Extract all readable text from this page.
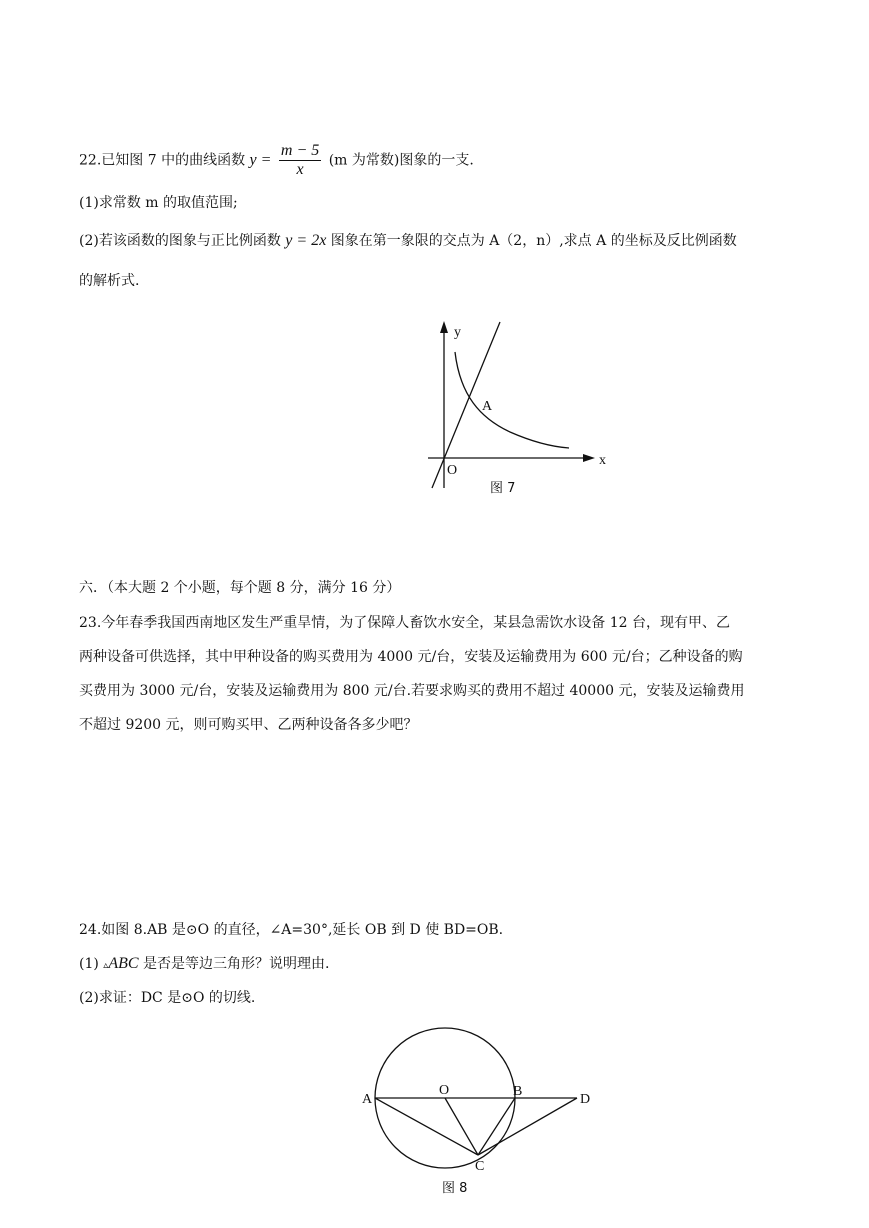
22.已知图 7 中的曲线函数 $y = \frac{m - 5}{x} (m$ 为常数)图象的一支.
(1)求常数 m 的取值范围;
(2)若该函数的图象与正比例函数 y = 2x 图象在第一象限的交点为 A（2，n）,求点 A 的坐标及反比例函数
的解析式.
y
x
O
A
图 7
六．（本大题 2 个小题，每个题 8 分，满分 16 分）
23.今年春季我国西南地区发生严重旱情，为了保障人畜饮水安全，某县急需饮水设备 12 台，现有甲、乙
两种设备可供选择，其中甲种设备的购买费用为 4000 元/台，安装及运输费用为 600 元/台；乙种设备的购
买费用为 3000 元/台，安装及运输费用为 800 元/台.若要求购买的费用不超过 40000 元，安装及运输费用
不超过 9200 元，则可购买甲、乙两种设备各多少吧？
24.如图 8.AB 是⊙O 的直径，∠A=30°,延长 OB 到 D 使 BD=OB.
(1) ▵ABC 是否是等边三角形？说明理由.
(2)求证：DC 是⊙O 的切线.
A
O	B
D
C
图 8
